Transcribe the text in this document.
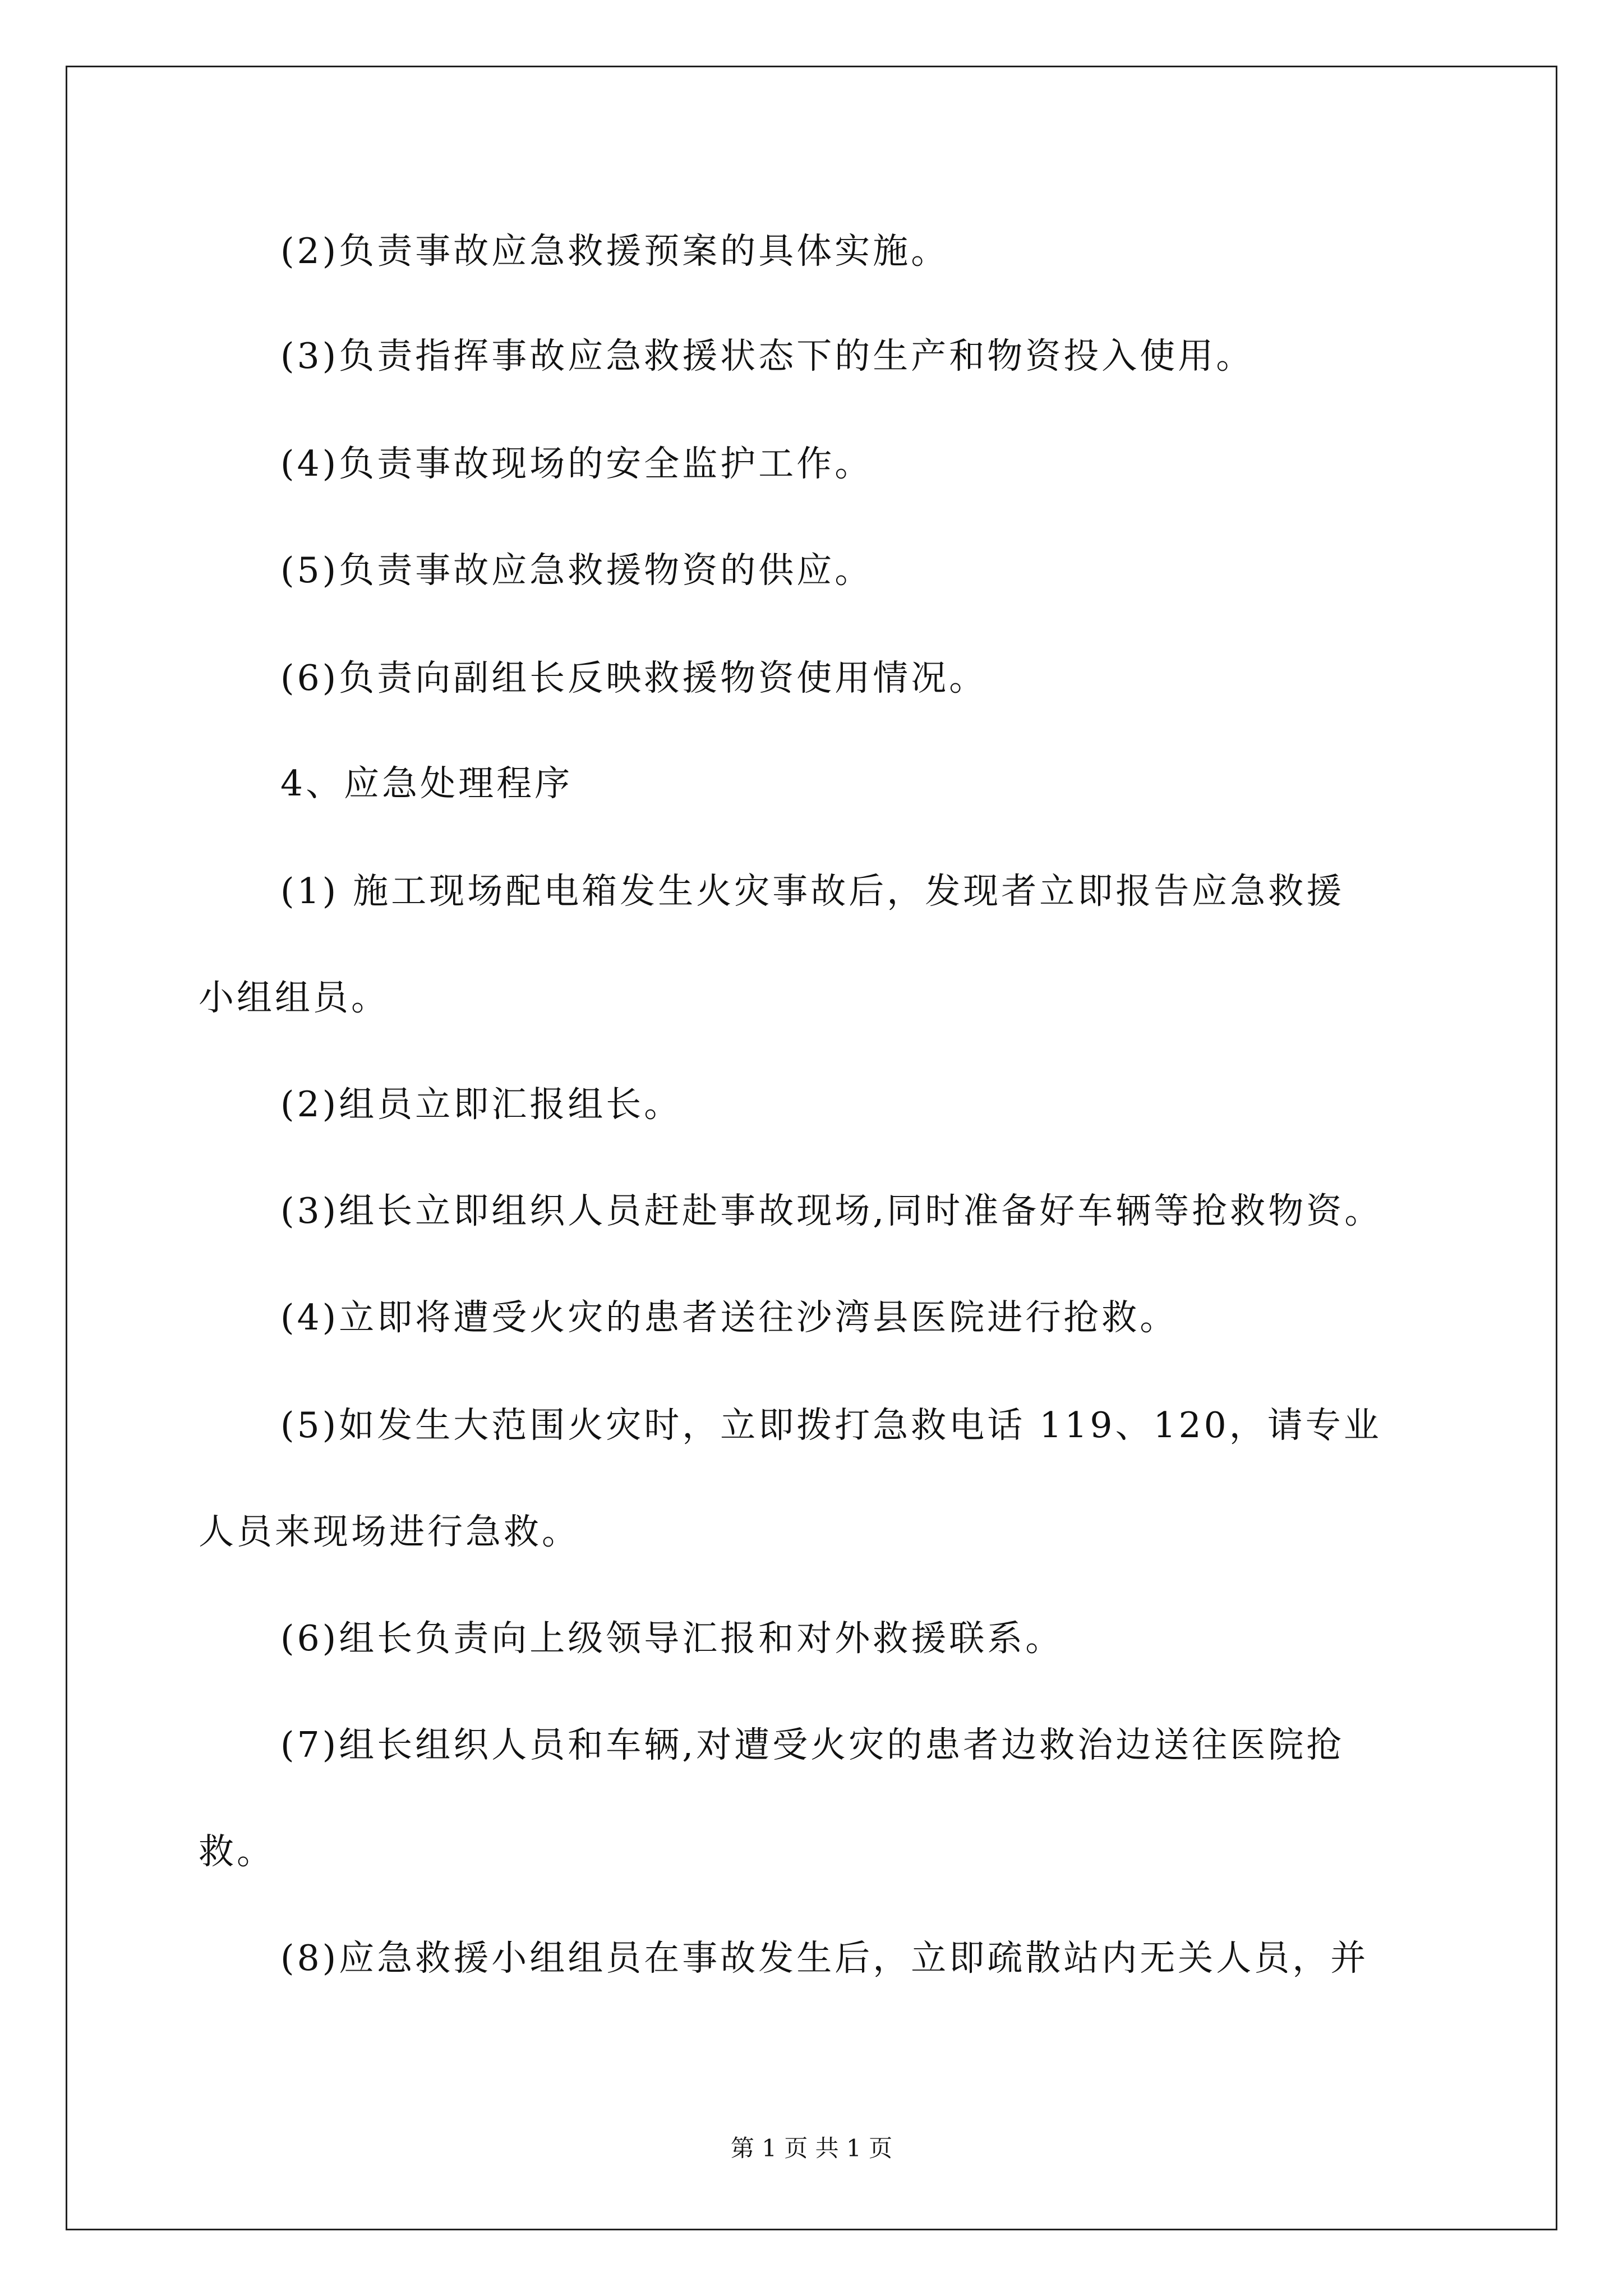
(2)负责事故应急救援预案的具体实施。
(3)负责指挥事故应急救援状态下的生产和物资投入使用。
(4)负责事故现场的安全监护工作。
(5)负责事故应急救援物资的供应。
(6)负责向副组长反映救援物资使用情况。
4、应急处理程序
(1) 施工现场配电箱发生火灾事故后，发现者立即报告应急救援
小组组员。
(2)组员立即汇报组长。
(3)组长立即组织人员赶赴事故现场,同时准备好车辆等抢救物资。
(4)立即将遭受火灾的患者送往沙湾县医院进行抢救。
(5)如发生大范围火灾时，立即拨打急救电话 119、120，请专业
人员来现场进行急救。
(6)组长负责向上级领导汇报和对外救援联系。
(7)组长组织人员和车辆,对遭受火灾的患者边救治边送往医院抢
救。
(8)应急救援小组组员在事故发生后，立即疏散站内无关人员，并
第 1 页 共 1 页
